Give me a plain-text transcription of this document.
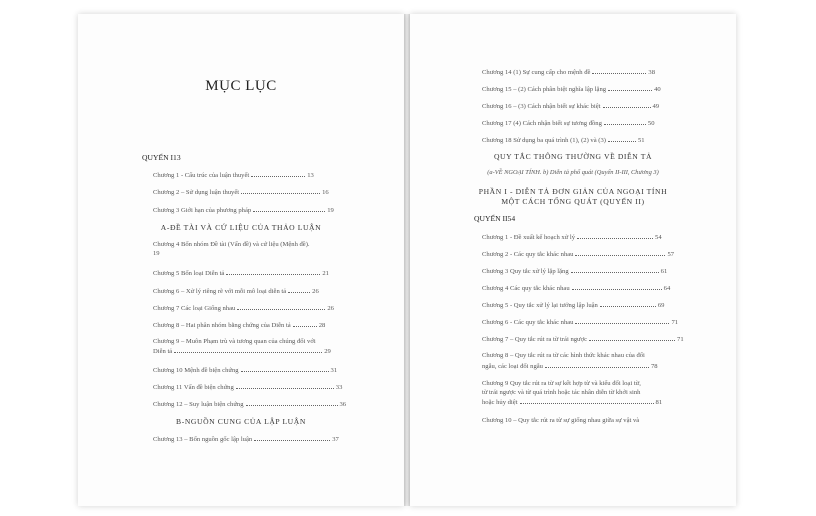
MỤC LỤC
QUYỂN I13
Chương 1 - Cấu trúc của luận thuyết	13
Chương 2 – Sử dụng luận thuyết	16
Chương 3 Giới hạn của phương pháp	19
A-ĐỀ TÀI VÀ CỨ LIỆU CỦA THẢO LUẬN
Chương 4 Bốn nhóm Đề tài (Vấn đề) và cứ liệu (Mệnh đề).
19
Chương 5 Bốn loại Diễn tả	21
Chương 6 – Xử lý riêng rẽ với mỗi mô loại diễn tả	26
Chương 7 Các loại Giống nhau	26
Chương 8 – Hai phân nhóm bằng chứng của Diễn tả	28
Chương 9 – Muôn Phạm trù và tương quan của chúng đối với
Diễn tả	29
Chương 10 Mệnh đề biện chứng	31
Chương 11 Vấn đề biện chứng	33
Chương 12 – Suy luận biện chứng	36
B-NGUỒN CUNG CỦA LẬP LUẬN
Chương 13 – Bốn nguồn gốc lập luận	37
Chương 14 (1) Sự cung cấp cho mệnh đề	38
Chương 15 – (2) Cách phân biệt nghĩa lập lặng	40
Chương 16 – (3) Cách nhận biết sự khác biệt	49
Chương 17 (4) Cách nhận biết sự tương đồng	50
Chương 18 Sử dụng ba quá trình (1), (2) và (3)	51
QUY TẮC THÔNG THƯỜNG VỀ DIỄN TẢ
(a-VỀ NGOẠI TÍNH. b) Diễn tả phổ quát (Quyển II-III, Chương 3)
PHẦN I - DIỄN TẢ ĐƠN GIẢN CỦA NGOẠI TÍNH
MỘT CÁCH TỔNG QUÁT (QUYỂN II)
QUYỂN II54
Chương 1 - Đề xuất kế hoạch xử lý	54
Chương 2 - Các quy tắc khác nhau	57
Chương 3 Quy tắc xử lý lặp lặng	61
Chương 4 Các quy tắc khác nhau	64
Chương 5 - Quy tắc xử lý lại tưởng lập luận	69
Chương 6 - Các quy tắc khác nhau	71
Chương 7 – Quy tắc rút ra từ trái ngược	71
Chương 8 – Quy tắc rút ra từ các hình thức khác nhau của đối
ngẫu, các loại đối ngẫu	78
Chương 9 Quy tắc rút ra từ sự kết hợp từ và kiểu đối loại từ,
từ trái ngược và từ quá trình hoặc tác nhân diễn từ khởi sinh
hoặc hủy diệt	81
Chương 10 – Quy tắc rút ra từ sự giống nhau giữa sự vật và
